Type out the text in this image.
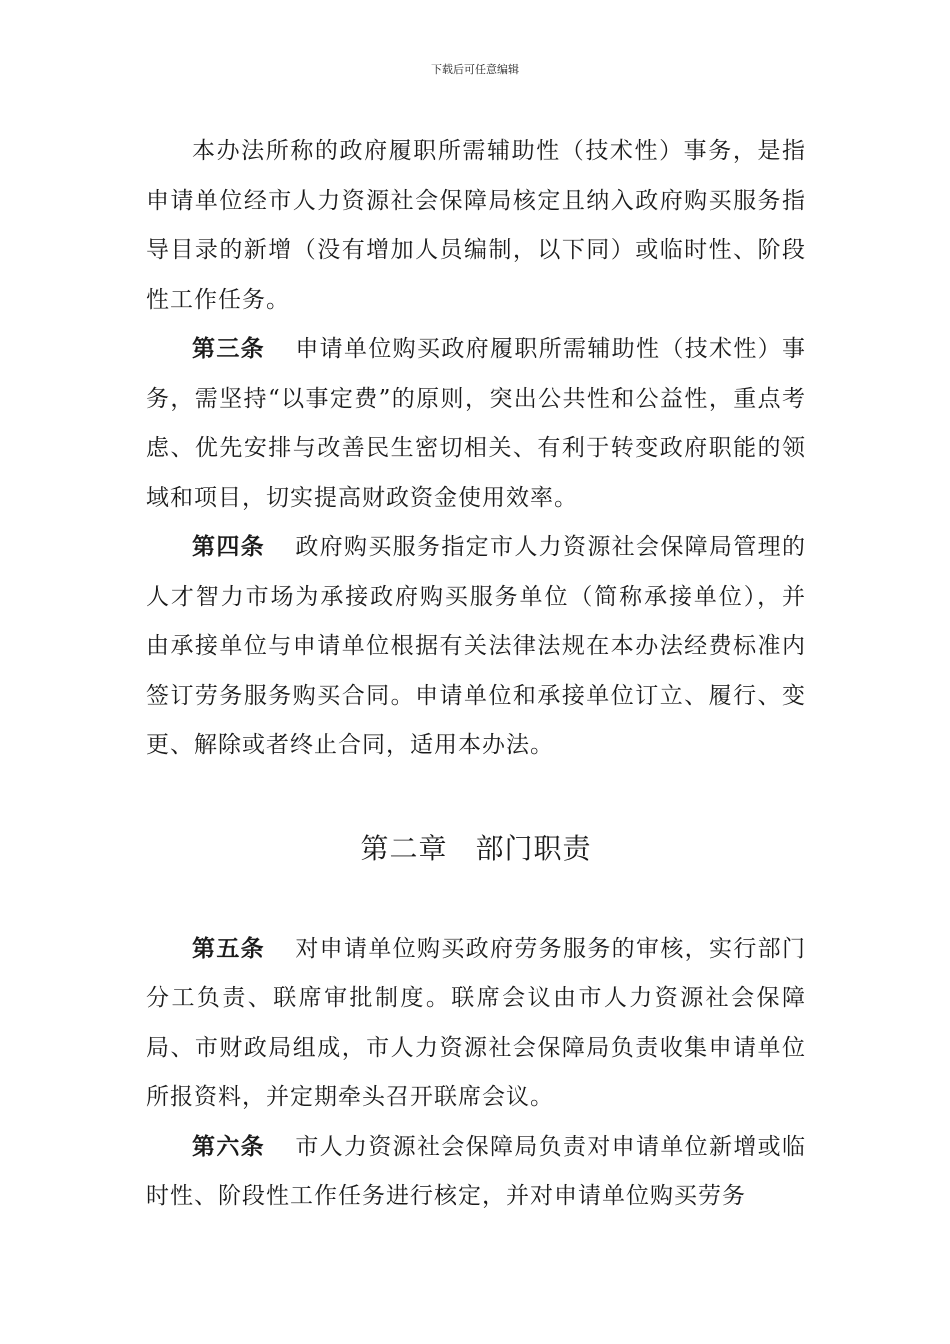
下载后可任意编辑

本办法所称的政府履职所需辅助性（技术性）事务，是指申请单位经市人力资源社会保障局核定且纳入政府购买服务指导目录的新增（没有增加人员编制，以下同）或临时性、阶段性工作任务。

第三条 申请单位购买政府履职所需辅助性（技术性）事务，需坚持“以事定费”的原则，突出公共性和公益性，重点考虑、优先安排与改善民生密切相关、有利于转变政府职能的领域和项目，切实提高财政资金使用效率。

第四条 政府购买服务指定市人力资源社会保障局管理的人才智力市场为承接政府购买服务单位（简称承接单位），并由承接单位与申请单位根据有关法律法规在本办法经费标准内签订劳务服务购买合同。申请单位和承接单位订立、履行、变更、解除或者终止合同，适用本办法。

第二章 部门职责

第五条 对申请单位购买政府劳务服务的审核，实行部门分工负责、联席审批制度。联席会议由市人力资源社会保障局、市财政局组成，市人力资源社会保障局负责收集申请单位所报资料，并定期牵头召开联席会议。

第六条 市人力资源社会保障局负责对申请单位新增或临时性、阶段性工作任务进行核定，并对申请单位购买劳务
